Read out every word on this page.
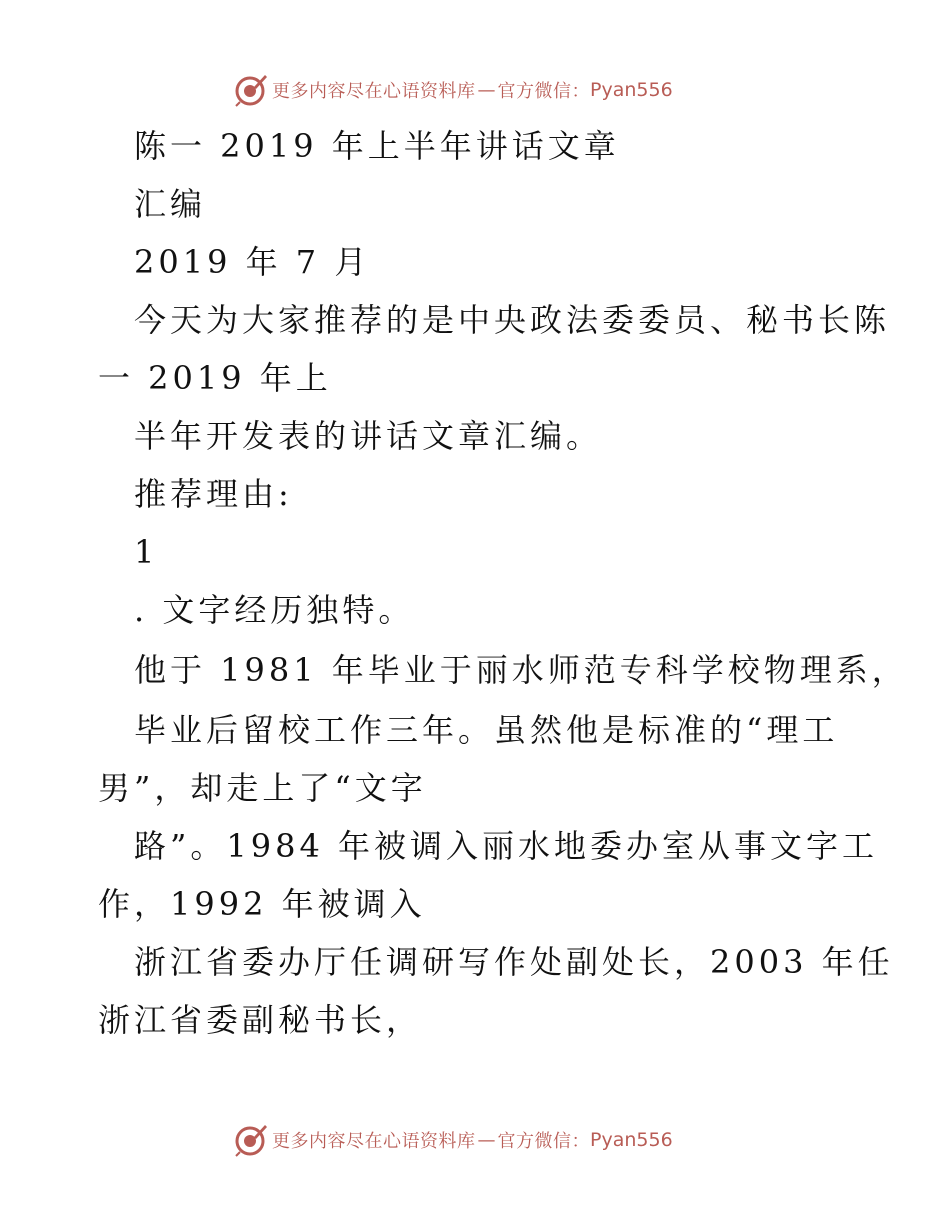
更多内容尽在心语资料库 — 官方微信： Pyan556

陈一 2019 年上半年讲话文章

汇编

2019 年 7 月

今天为大家推荐的是中央政法委委员、秘书长陈

一 2019 年上

半年开发表的讲话文章汇编。

推荐理由:

1

. 文字经历独特。

他于 1981 年毕业于丽水师范专科学校物理系，

毕业后留校工作三年。虽然他是标准的“理工

男”，却走上了“文字

路”。1984 年被调入丽水地委办室从事文字工

作，1992 年被调入

浙江省委办厅任调研写作处副处长，2003 年任

浙江省委副秘书长，

更多内容尽在心语资料库 — 官方微信： Pyan556
